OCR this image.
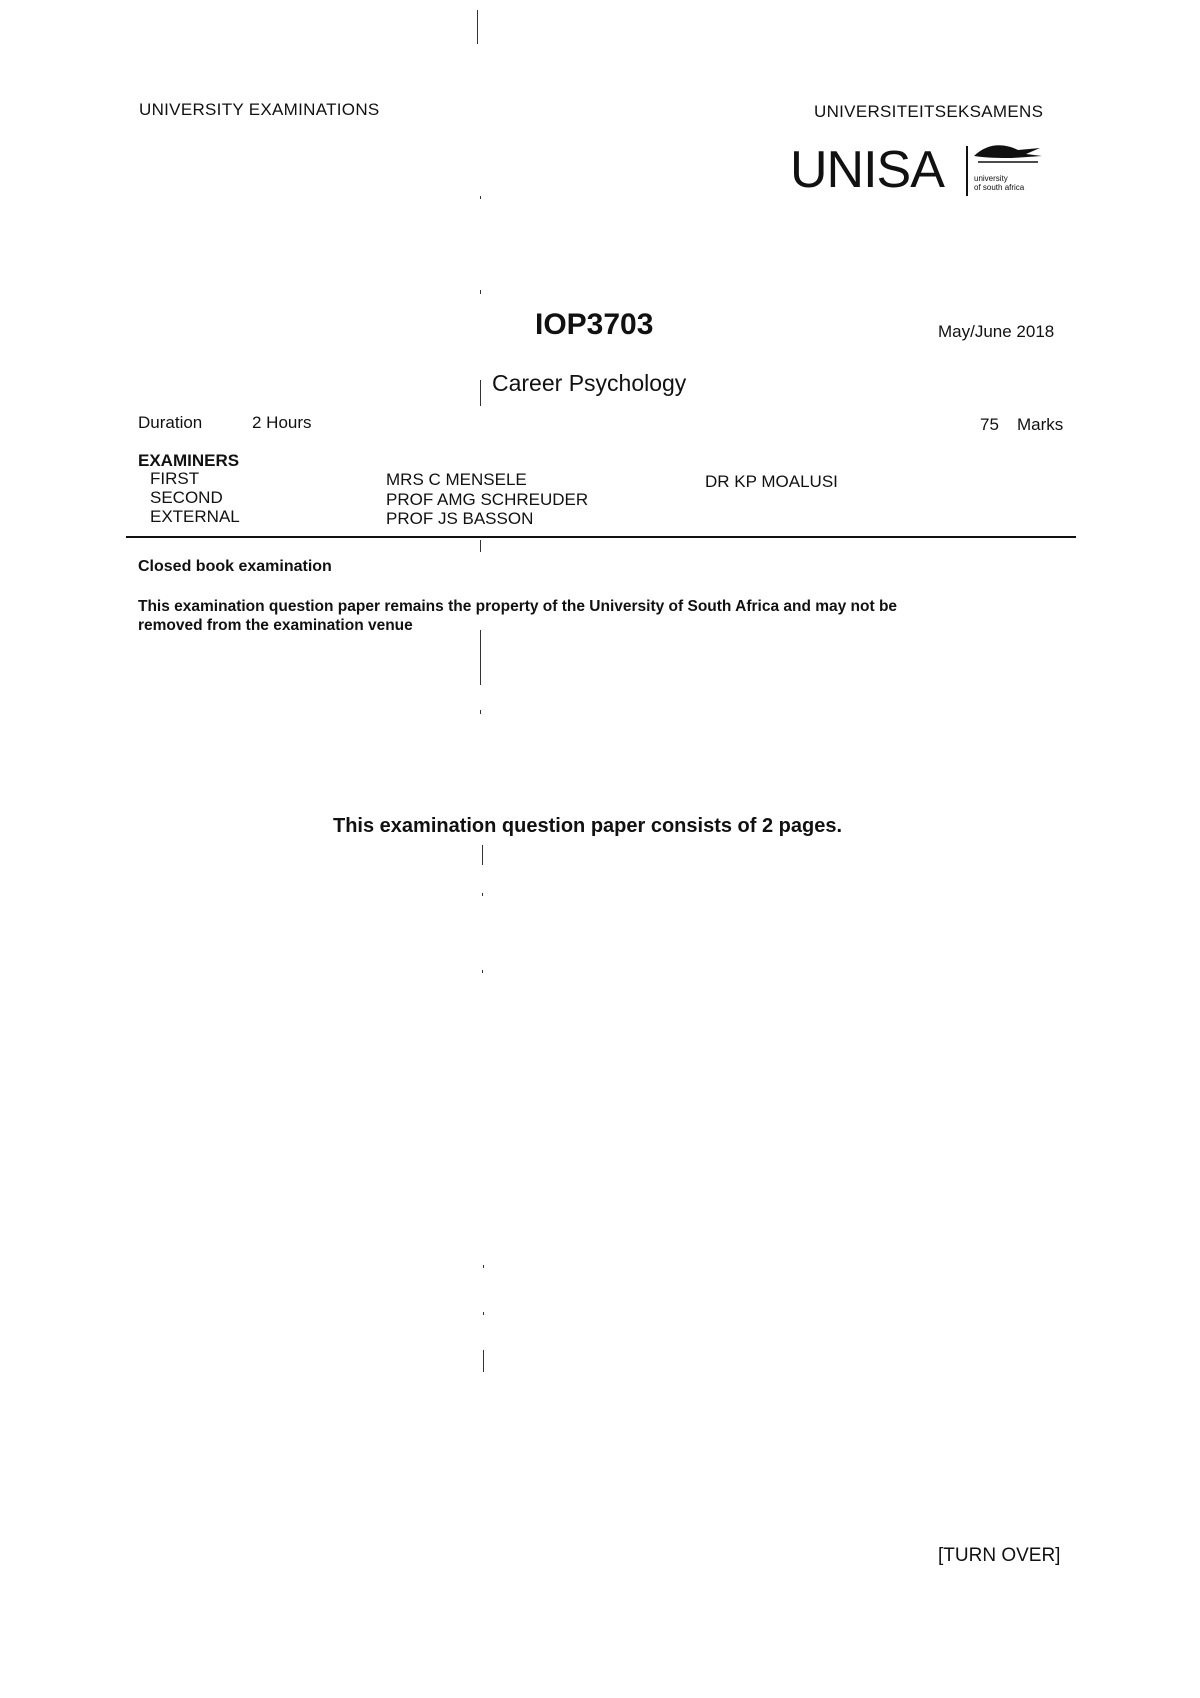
UNIVERSITY EXAMINATIONS	UNIVERSITEITSEKSAMENS
UNISA	university
of south africa
IOP3703	May/June 2018
Career Psychology
Duration	2 Hours	75 Marks
EXAMINERS
FIRST	MRS C MENSELE	DR KP MOALUSI
SECOND	PROF AMG SCHREUDER
EXTERNAL	PROF JS BASSON
Closed book examination
This examination question paper remains the property of the University of South Africa and may not be
removed from the examination venue
This examination question paper consists of 2 pages.
[TURN OVER]
